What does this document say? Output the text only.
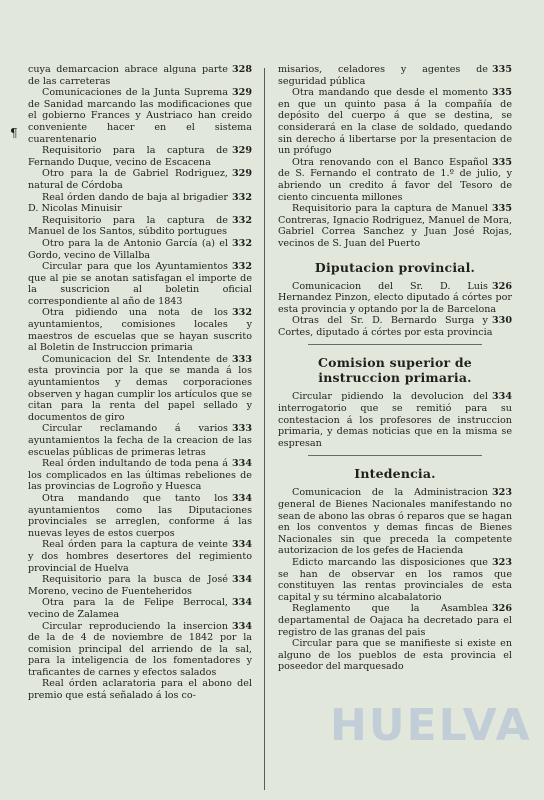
¶

328
cuya demarcacion abrace alguna parte de las carreteras

329
Comunicaciones de la Junta Suprema de Sanidad marcando las modificaciones que el gobierno Frances y Austriaco han creido conveniente hacer en el sistema cuarentenario

329
Requisitorio para la captura de Fernando Duque, vecino de Escacena

329
Otro para la de Gabriel Rodriguez, natural de Córdoba

332
Real órden dando de baja al brigadier D. Nicolas Minuisir

332
Requisitorio para la captura de Manuel de los Santos, súbdito portugues

332
Otro para la de Antonio García (a) el Gordo, vecino de Villalba

332
Circular para que los Ayuntamientos que al pie se anotan satisfagan el importe de la suscricion al boletin oficial correspondiente al año de 1843

332
Otra pidiendo una nota de los ayuntamientos, comisiones locales y maestros de escuelas que se hayan suscrito al Boletin de Instruccion primaria

333
Comunicacion del Sr. Intendente de esta provincia por la que se manda á los ayuntamientos y demas corporaciones observen y hagan cumplir los artículos que se citan para la renta del papel sellado y documentos de giro

333
Circular reclamando á varios ayuntamientos la fecha de la creacion de las escuelas públicas de primeras letras

334
Real órden indultando de toda pena á los complicados en las últimas rebeliones de las provincias de Logroño y Huesca

334
Otra mandando que tanto los ayuntamientos como las Diputaciones provinciales se arreglen, conforme á las nuevas leyes de estos cuerpos

334
Real órden para la captura de veinte y dos hombres desertores del regimiento provincial de Huelva

334
Requisitorio para la busca de José Moreno, vecino de Fuenteheridos

334
Otra para la de Felipe Berrocal, vecino de Zalamea

334
Circular reproduciendo la insercion de la de 4 de noviembre de 1842 por la comision principal del arriendo de la sal, para la inteligencia de los fomentadores y traficantes de carnes y efectos salados

Real órden aclaratoria para el abono del premio que está señalado á los co-

335
misarios, celadores y agentes de seguridad pública

335
Otra mandando que desde el momento en que un quinto pasa á la compañía de depósito del cuerpo á que se destina, se considerará en la clase de soldado, quedando sin derecho á libertarse por la presentacion de un prófugo

335
Otra renovando con el Banco Español de S. Fernando el contrato de 1.º de julio, y abriendo un credito á favor del Tesoro de ciento cincuenta millones

335
Requisitorio para la captura de Manuel Contreras, Ignacio Rodriguez, Manuel de Mora, Gabriel Correa Sanchez y Juan José Rojas, vecinos de S. Juan del Puerto

Diputacion provincial.

326
Comunicacion del Sr. D. Luis Hernandez Pinzon, electo diputado á córtes por esta provincia y optando por la de Barcelona

330
Otras del Sr. D. Bernardo Surga y Cortes, diputado á córtes por esta provincia

Comision superior de instruccion primaria.

334
Circular pidiendo la devolucion del interrogatorio que se remitió para su contestacion á los profesores de instruccion primaria, y demas noticias que en la misma se espresan

Intedencia.

323
Comunicacion de la Administracion general de Bienes Nacionales manifestando no sean de abono las obras ó reparos que se hagan en los conventos y demas fincas de Bienes Nacionales sin que preceda la competente autorizacion de los gefes de Hacienda

323
Edicto marcando las disposiciones que se han de observar en los ramos que constituyen las rentas provinciales de esta capital y su término alcabalatorio

326
Reglamento que la Asamblea departamental de Oajaca ha decretado para el registro de las granas del pais

Circular para que se manifieste si existe en alguno de los pueblos de esta provincia el poseedor del marquesado

HUELVA
